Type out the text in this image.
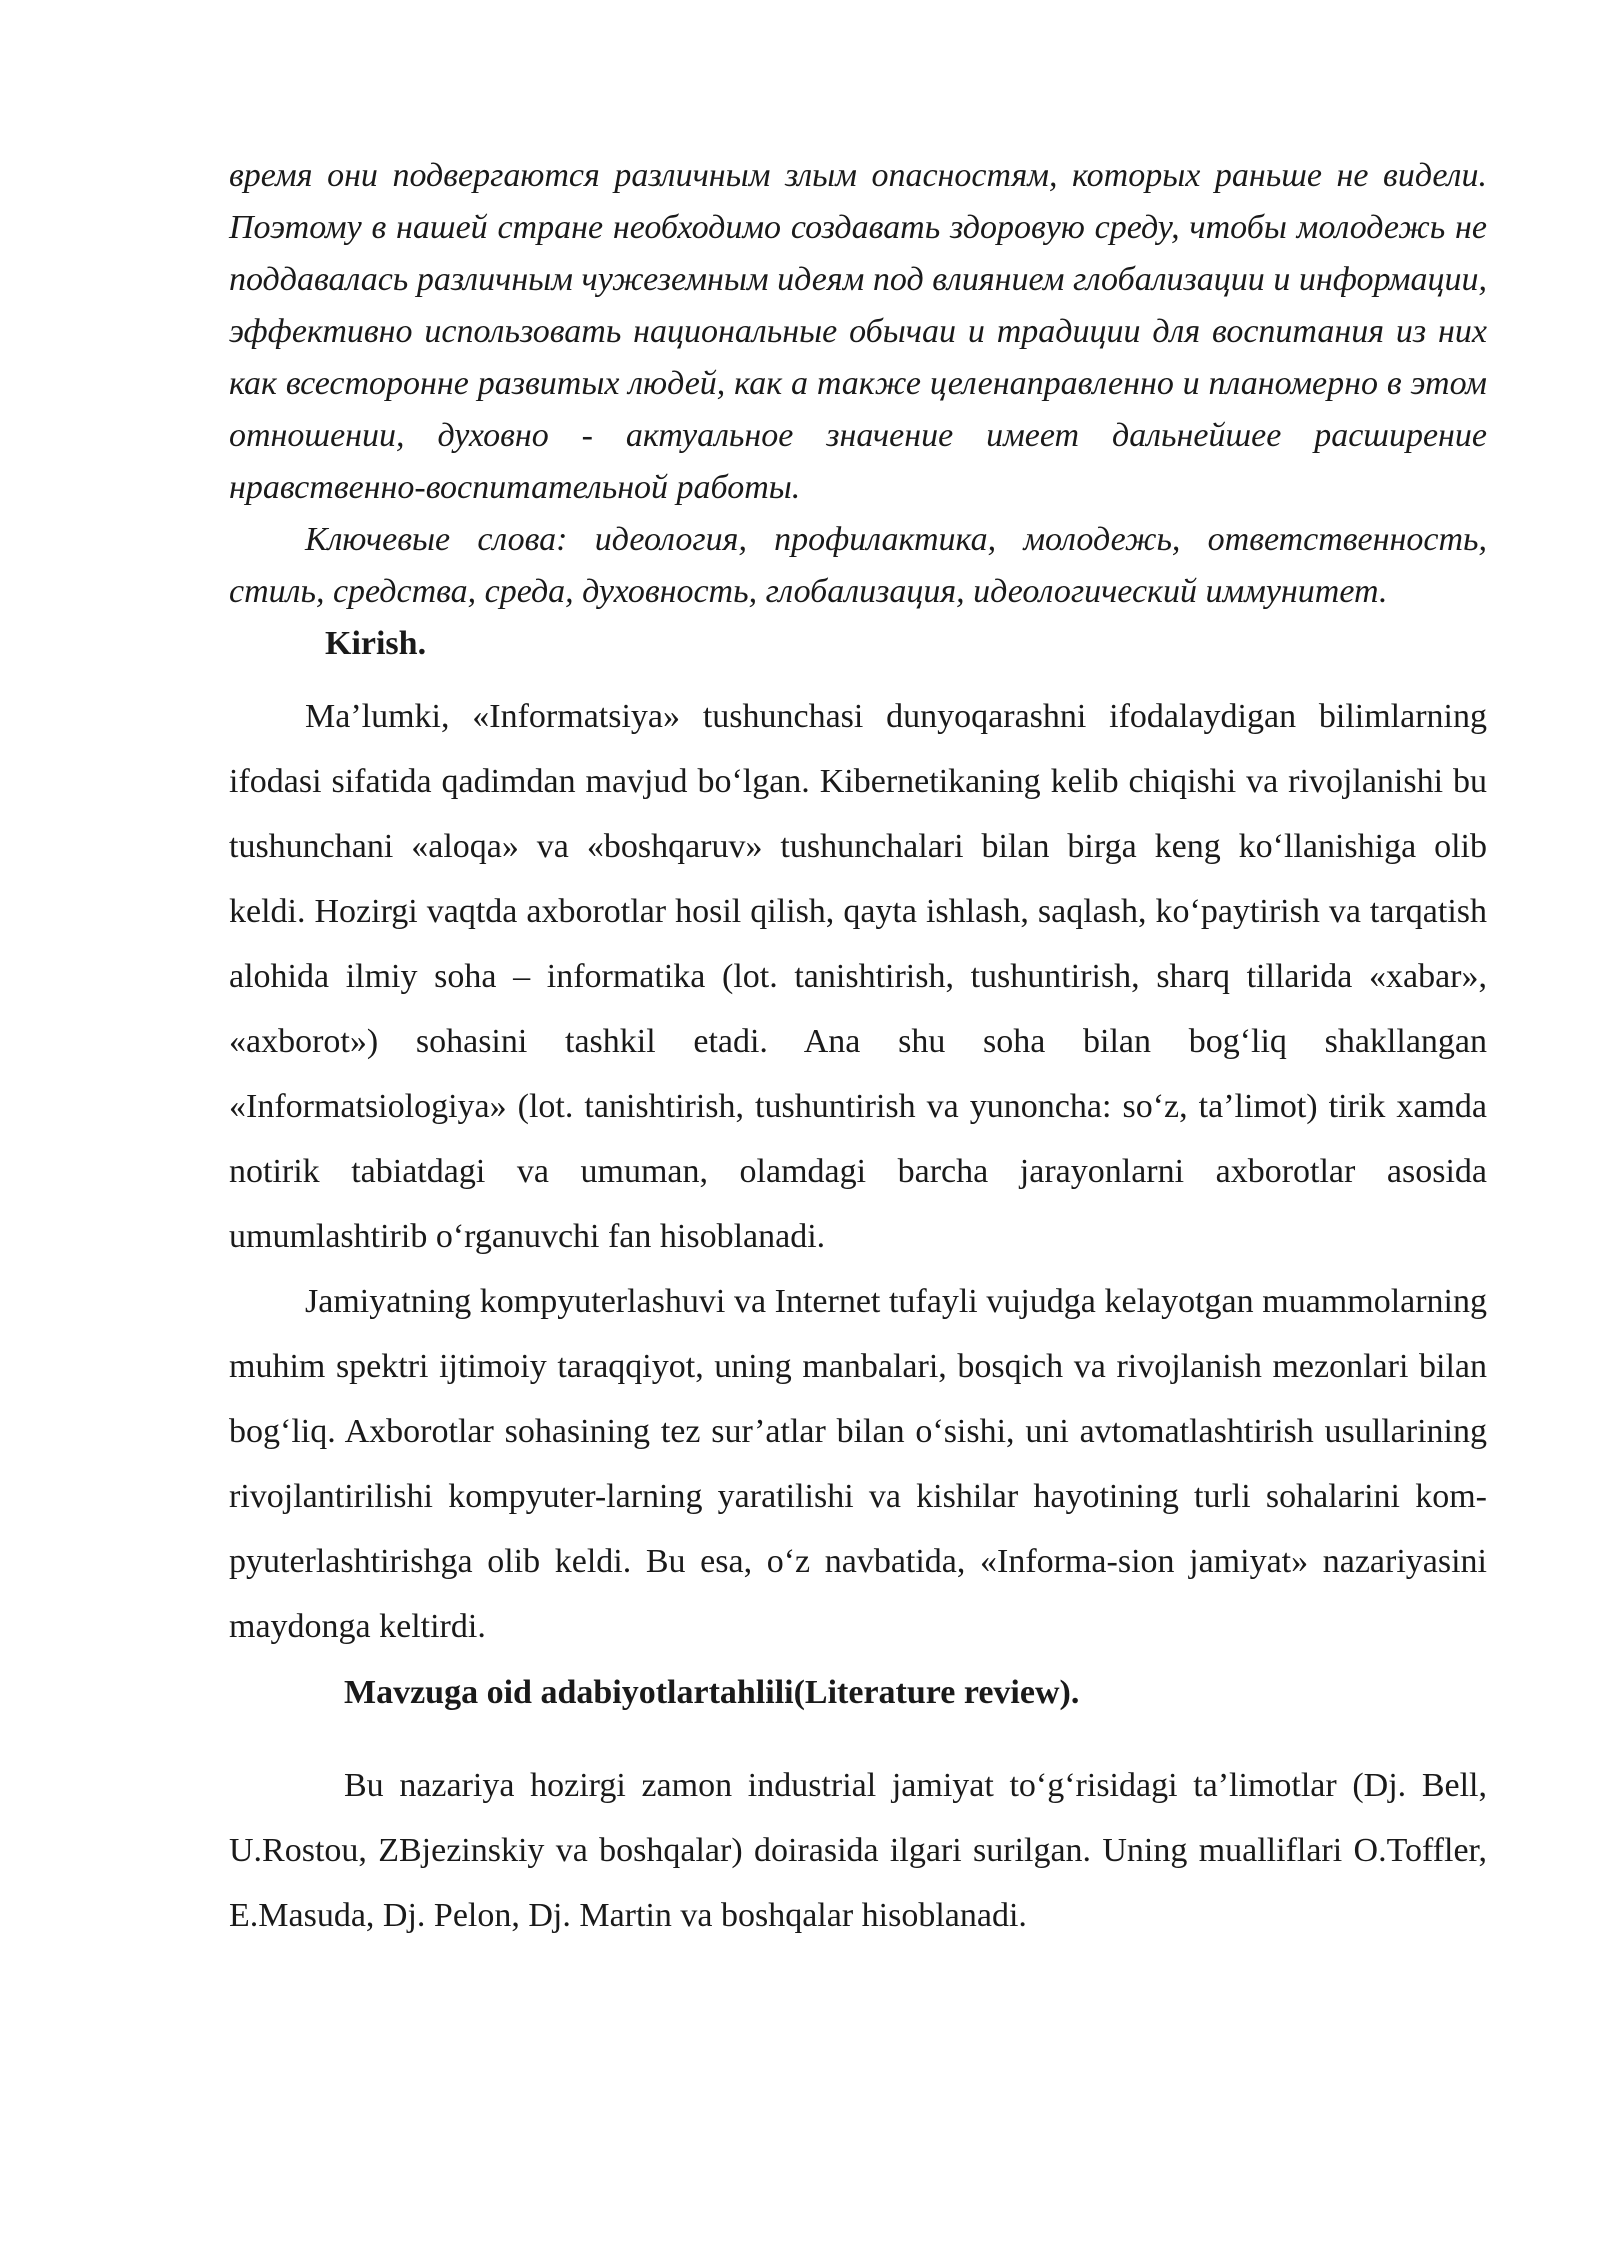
время они подвергаются различным злым опасностям, которых раньше не видели. Поэтому в нашей стране необходимо создавать здоровую среду, чтобы молодежь не поддавалась различным чужеземным идеям под влиянием глобализации и информации, эффективно использовать национальные обычаи и традиции для воспитания из них как всесторонне развитых людей, как а также целенаправленно и планомерно в этом отношении, духовно - актуальное значение имеет дальнейшее расширение нравственно-воспитательной работы.

Ключевые слова: идеология, профилактика, молодежь, ответственность, стиль, средства, среда, духовность, глобализация, идеологический иммунитет.

Kirish.

Ma’lumki, «Informatsiya» tushunchasi dunyoqarashni ifodalaydigan bilimlarning ifodasi sifatida qadimdan mavjud bo‘lgan. Kibernetikaning kelib chiqishi va rivojlanishi bu tushunchani «aloqa» va «boshqaruv» tushunchalari bilan birga keng ko‘llanishiga olib keldi. Hozirgi vaqtda axborotlar hosil qilish, qayta ishlash, saqlash, ko‘paytirish va tarqatish alohida ilmiy soha – informatika (lot. tanishtirish, tushuntirish, sharq tillarida «xabar», «axborot») sohasini tashkil etadi. Ana shu soha bilan bog‘liq shakllangan «Informatsiologiya» (lot. tanishtirish, tushuntirish va yunoncha: so‘z, ta’limot) tirik xamda notirik tabiatdagi va umuman, olamdagi barcha jarayonlarni axborotlar asosida umumlashtirib o‘rganuvchi fan hisoblanadi.

Jamiyatning kompyuterlashuvi va Internet tufayli vujudga kelayotgan muammolarning muhim spektri ijtimoiy taraqqiyot, uning manbalari, bosqich va rivojlanish mezonlari bilan bog‘liq. Axborotlar sohasining tez sur’atlar bilan o‘sishi, uni avtomatlashtirish usullarining rivojlantirilishi kompyuter-larning yaratilishi va kishilar hayotining turli sohalarini kom-pyuterlashtirishga olib keldi. Bu esa, o‘z navbatida, «Informa-sion jamiyat» nazariyasini maydonga keltirdi.

Mavzuga oid adabiyotlartahlili(Literature review).

Bu nazariya hozirgi zamon industrial jamiyat to‘g‘risidagi ta’limotlar (Dj. Bell, U.Rostou, ZBjezinskiy va boshqalar) doirasida ilgari surilgan. Uning mualliflari O.Toffler, E.Masuda, Dj. Pelon, Dj. Martin va boshqalar hisoblanadi.
